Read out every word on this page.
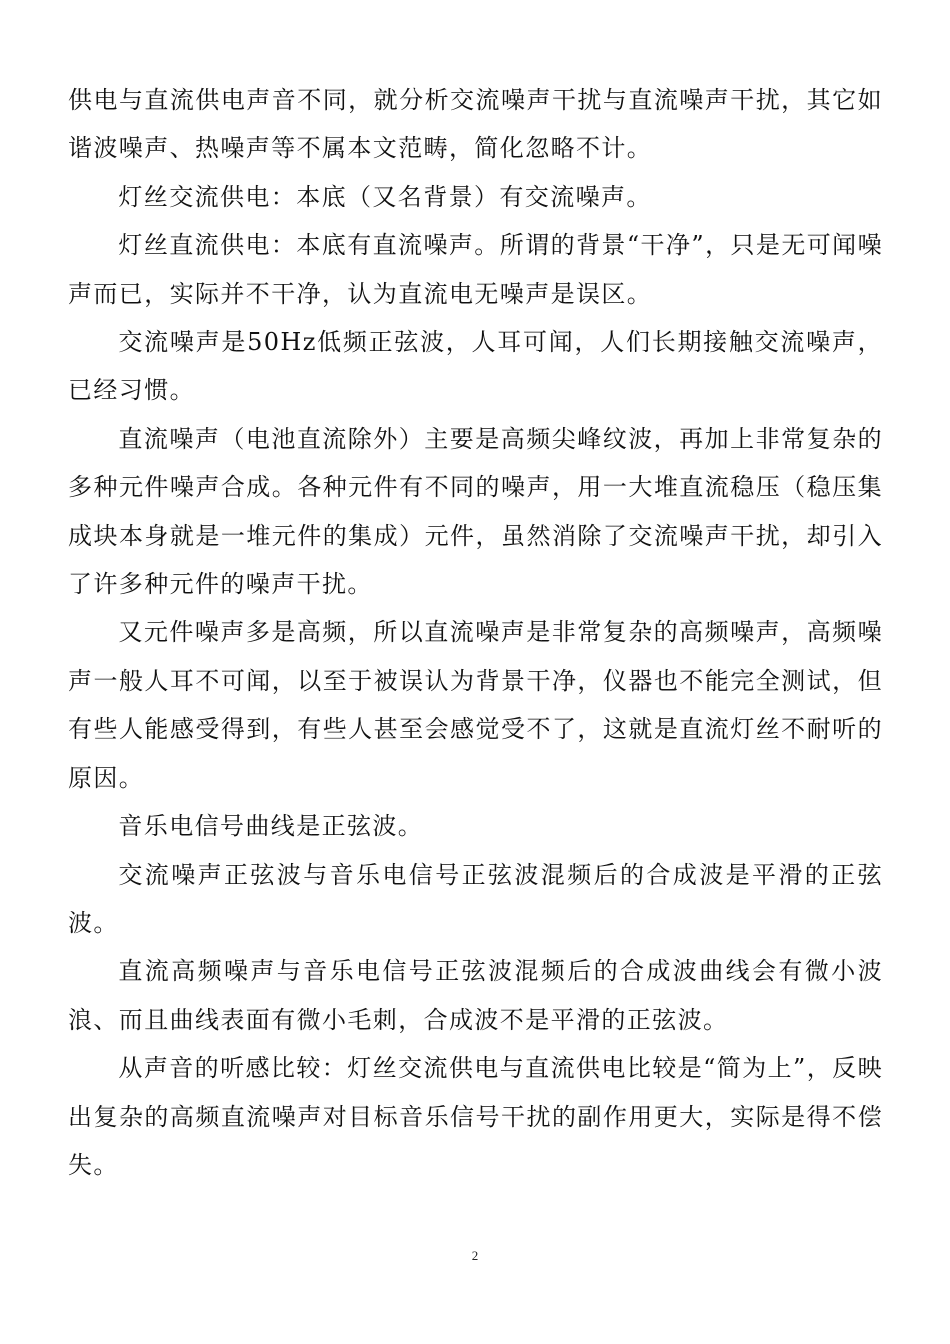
供电与直流供电声音不同，就分析交流噪声干扰与直流噪声干扰，其它如谐波噪声、热噪声等不属本文范畴，简化忽略不计。

灯丝交流供电：本底（又名背景）有交流噪声。

灯丝直流供电：本底有直流噪声。所谓的背景“干净”，只是无可闻噪声而已，实际并不干净，认为直流电无噪声是误区。

交流噪声是50Hz低频正弦波，人耳可闻，人们长期接触交流噪声，已经习惯。

直流噪声（电池直流除外）主要是高频尖峰纹波，再加上非常复杂的多种元件噪声合成。各种元件有不同的噪声，用一大堆直流稳压（稳压集成块本身就是一堆元件的集成）元件，虽然消除了交流噪声干扰，却引入了许多种元件的噪声干扰。

又元件噪声多是高频，所以直流噪声是非常复杂的高频噪声，高频噪声一般人耳不可闻，以至于被误认为背景干净，仪器也不能完全测试，但有些人能感受得到，有些人甚至会感觉受不了，这就是直流灯丝不耐听的原因。

音乐电信号曲线是正弦波。

交流噪声正弦波与音乐电信号正弦波混频后的合成波是平滑的正弦波。

直流高频噪声与音乐电信号正弦波混频后的合成波曲线会有微小波浪、而且曲线表面有微小毛刺，合成波不是平滑的正弦波。

从声音的听感比较：灯丝交流供电与直流供电比较是“简为上”，反映出复杂的高频直流噪声对目标音乐信号干扰的副作用更大，实际是得不偿失。

2
